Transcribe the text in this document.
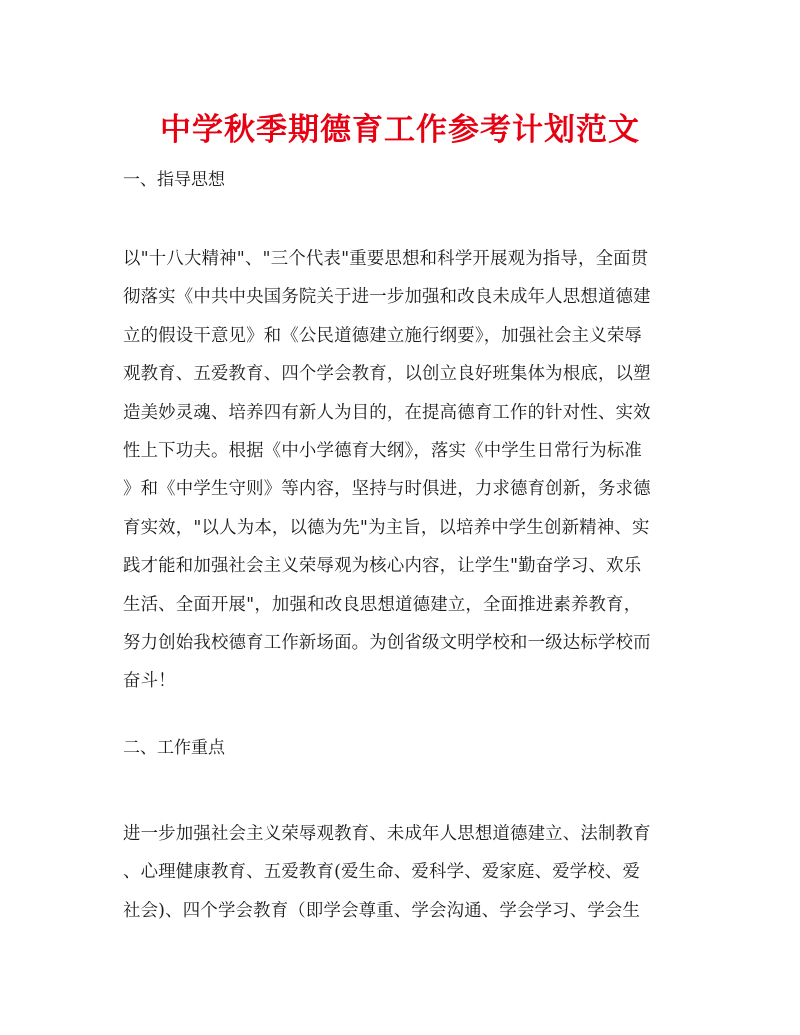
中学秋季期德育工作参考计划范文
一、指导思想
以"十八大精神"、"三个代表"重要思想和科学开展观为指导，全面贯
彻落实《中共中央国务院关于进一步加强和改良未成年人思想道德建
立的假设干意见》和《公民道德建立施行纲要》，加强社会主义荣辱
观教育、五爱教育、四个学会教育，以创立良好班集体为根底，以塑
造美妙灵魂、培养四有新人为目的，在提高德育工作的针对性、实效
性上下功夫。根据《中小学德育大纲》，落实《中学生日常行为标准
》和《中学生守则》等内容，坚持与时俱进，力求德育创新，务求德
育实效，"以人为本，以德为先"为主旨，以培养中学生创新精神、实
践才能和加强社会主义荣辱观为核心内容，让学生"勤奋学习、欢乐
生活、全面开展"，加强和改良思想道德建立，全面推进素养教育，
努力创始我校德育工作新场面。为创省级文明学校和一级达标学校而
奋斗！
二、工作重点
进一步加强社会主义荣辱观教育、未成年人思想道德建立、法制教育
、心理健康教育、五爱教育(爱生命、爱科学、爱家庭、爱学校、爱
社会)、四个学会教育（即学会尊重、学会沟通、学会学习、学会生
